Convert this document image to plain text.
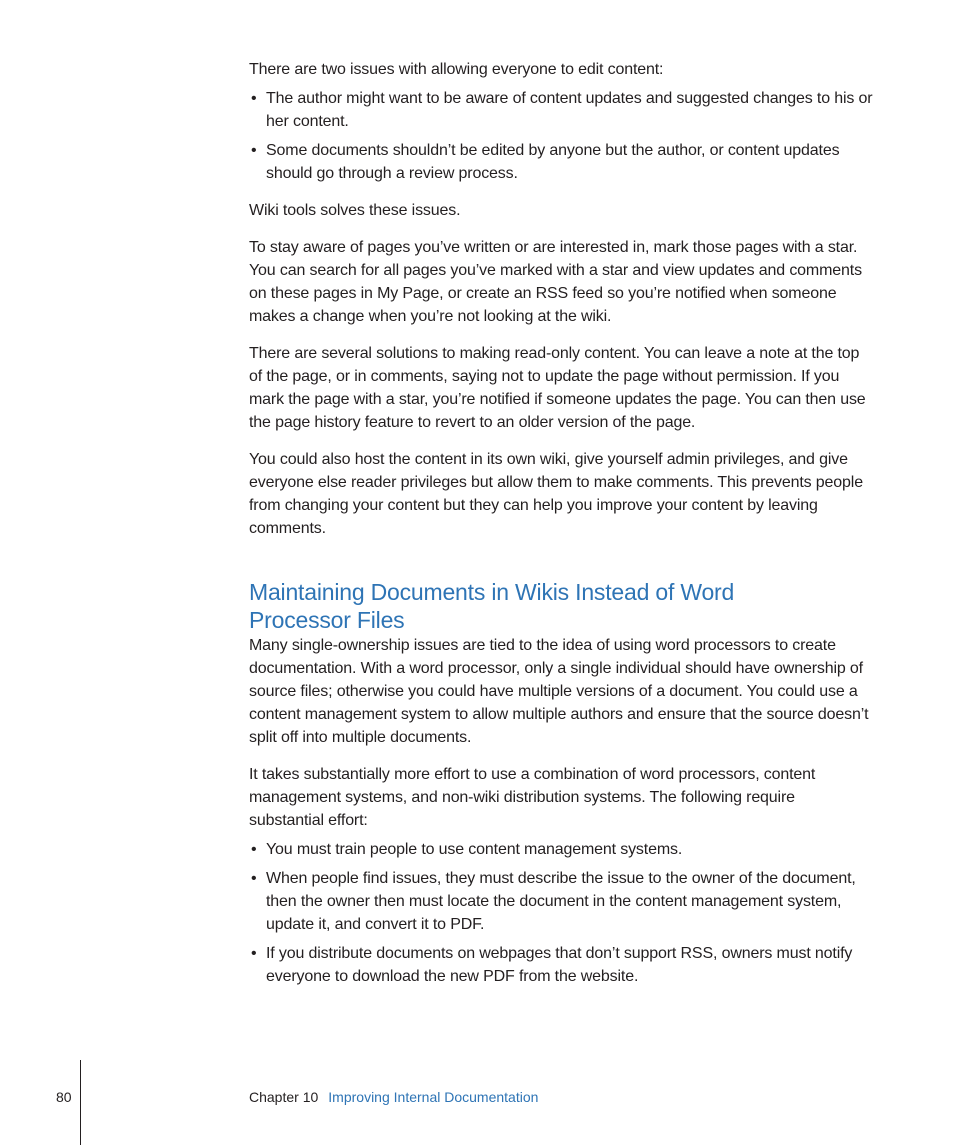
There are two issues with allowing everyone to edit content:

• The author might want to be aware of content updates and suggested changes to his or her content.
• Some documents shouldn’t be edited by anyone but the author, or content updates should go through a review process.

Wiki tools solves these issues.

To stay aware of pages you’ve written or are interested in, mark those pages with a star. You can search for all pages you’ve marked with a star and view updates and comments on these pages in My Page, or create an RSS feed so you’re notified when someone makes a change when you’re not looking at the wiki.

There are several solutions to making read-only content. You can leave a note at the top of the page, or in comments, saying not to update the page without permission. If you mark the page with a star, you’re notified if someone updates the page. You can then use the page history feature to revert to an older version of the page.

You could also host the content in its own wiki, give yourself admin privileges, and give everyone else reader privileges but allow them to make comments. This prevents people from changing your content but they can help you improve your content by leaving comments.

Maintaining Documents in Wikis Instead of Word Processor Files

Many single-ownership issues are tied to the idea of using word processors to create documentation. With a word processor, only a single individual should have ownership of source files; otherwise you could have multiple versions of a document. You could use a content management system to allow multiple authors and ensure that the source doesn’t split off into multiple documents.

It takes substantially more effort to use a combination of word processors, content management systems, and non-wiki distribution systems. The following require substantial effort:

• You must train people to use content management systems.
• When people find issues, they must describe the issue to the owner of the document, then the owner then must locate the document in the content management system, update it, and convert it to PDF.
• If you distribute documents on webpages that don’t support RSS, owners must notify everyone to download the new PDF from the website.
80	Chapter 10 Improving Internal Documentation
